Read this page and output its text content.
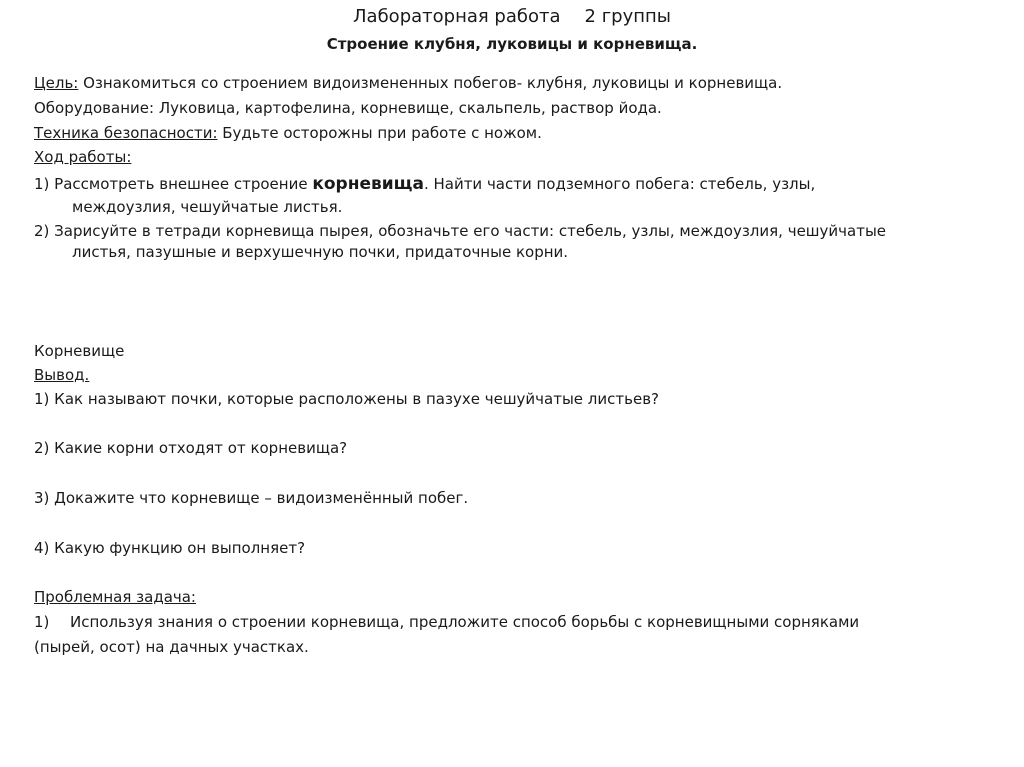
Лабораторная работа 2 группы
Строение клубня, луковицы и корневища.
Цель: Ознакомиться со строением видоизмененных побегов- клубня, луковицы и корневища.
Оборудование: Луковица, картофелина, корневище, скальпель, раствор йода.
Техника безопасности: Будьте осторожны при работе с ножом.
Ход работы:
1) Рассмотреть внешнее строение корневища. Найти части подземного побега: стебель, узлы,
междоузлия, чешуйчатые листья.
2) Зарисуйте в тетради корневища пырея, обозначьте его части: стебель, узлы, междоузлия, чешуйчатые
листья, пазушные и верхушечную почки, придаточные корни.
Корневище
Вывод.
1) Как называют почки, которые расположены в пазухе чешуйчатые листьев?
2) Какие корни отходят от корневища?
3) Докажите что корневище – видоизменённый побег.
4) Какую функцию он выполняет?
Проблемная задача:
1) Используя знания о строении корневища, предложите способ борьбы с корневищными сорняками
(пырей, осот) на дачных участках.
